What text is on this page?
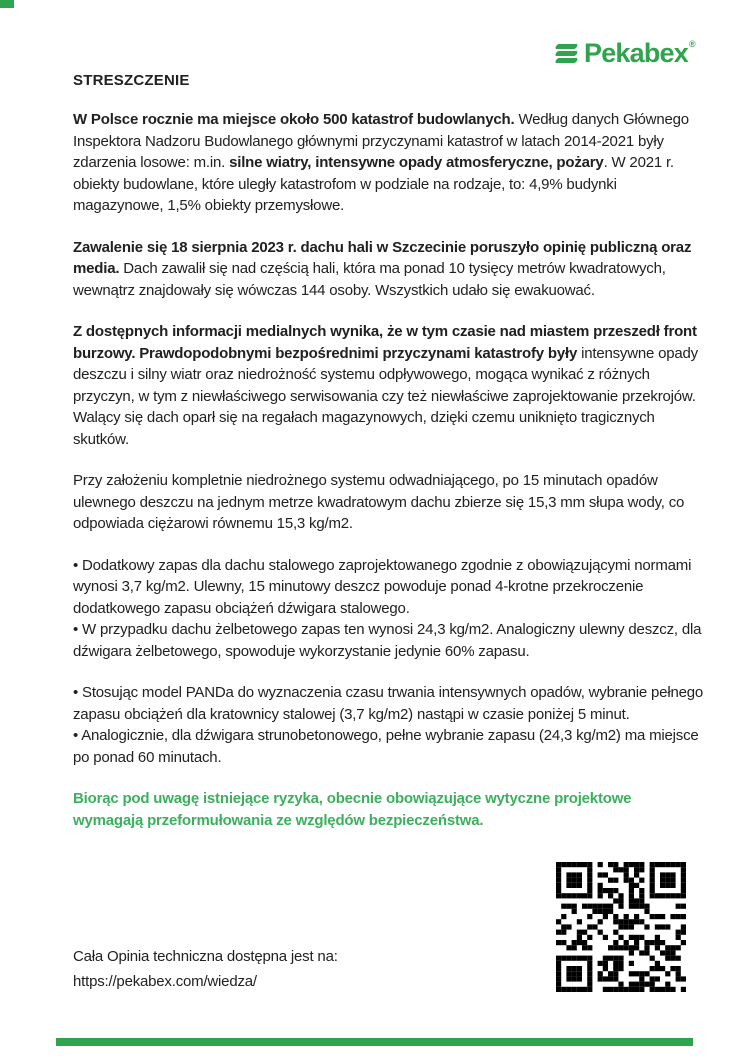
Pekabex ®
STRESZCZENIE
W Polsce rocznie ma miejsce około 500 katastrof budowlanych. Według danych Głównego Inspektora Nadzoru Budowlanego głównymi przyczynami katastrof w latach 2014-2021 były zdarzenia losowe: m.in. silne wiatry, intensywne opady atmosferyczne, pożary. W 2021 r. obiekty budowlane, które uległy katastrofom w podziale na rodzaje, to: 4,9% budynki magazynowe, 1,5% obiekty przemysłowe.
Zawalenie się 18 sierpnia 2023 r. dachu hali w Szczecinie poruszyło opinię publiczną oraz media. Dach zawalił się nad częścią hali, która ma ponad 10 tysięcy metrów kwadratowych, wewnątrz znajdowały się wówczas 144 osoby. Wszystkich udało się ewakuować.
Z dostępnych informacji medialnych wynika, że w tym czasie nad miastem przeszedł front burzowy. Prawdopodobnymi bezpośrednimi przyczynami katastrofy były intensywne opady deszczu i silny wiatr oraz niedrożność systemu odpływowego, mogąca wynikać z różnych przyczyn, w tym z niewłaściwego serwisowania czy też niewłaściwe zaprojektowanie przekrojów. Walący się dach oparł się na regałach magazynowych, dzięki czemu uniknięto tragicznych skutków.
Przy założeniu kompletnie niedrożnego systemu odwadniającego, po 15 minutach opadów ulewnego deszczu na jednym metrze kwadratowym dachu zbierze się 15,3 mm słupa wody, co odpowiada ciężarowi równemu 15,3 kg/m2.
• Dodatkowy zapas dla dachu stalowego zaprojektowanego zgodnie z obowiązującymi normami wynosi 3,7 kg/m2. Ulewny, 15 minutowy deszcz powoduje ponad 4-krotne przekroczenie dodatkowego zapasu obciążeń dźwigara stalowego.
• W przypadku dachu żelbetowego zapas ten wynosi 24,3 kg/m2. Analogiczny ulewny deszcz, dla dźwigara żelbetowego, spowoduje wykorzystanie jedynie 60% zapasu.
• Stosując model PANDa do wyznaczenia czasu trwania intensywnych opadów, wybranie pełnego zapasu obciążeń dla kratownicy stalowej (3,7 kg/m2) nastąpi w czasie poniżej 5 minut.
• Analogicznie, dla dźwigara strunobetonowego, pełne wybranie zapasu (24,3 kg/m2) ma miejsce po ponad 60 minutach.
Biorąc pod uwagę istniejące ryzyka, obecnie obowiązujące wytyczne projektowe wymagają przeformułowania ze względów bezpieczeństwa.
Cała Opinia techniczna dostępna jest na:
https://pekabex.com/wiedza/
